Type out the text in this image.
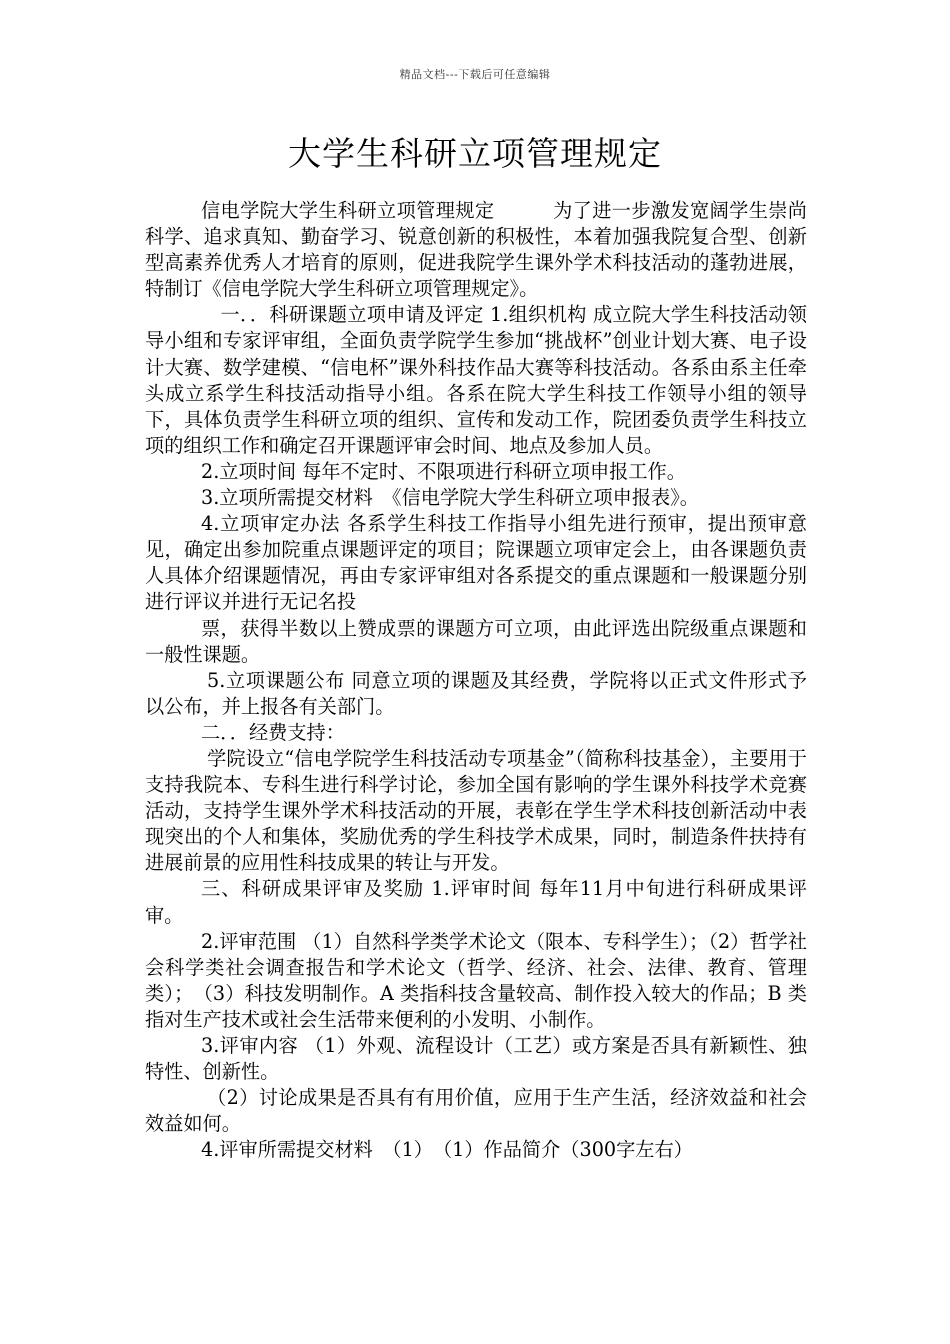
精品文档---下载后可任意编辑
大学生科研立项管理规定

信电学院大学生科研立项管理规定　　　为了进一步激发宽阔学生崇尚科学、追求真知、勤奋学习、锐意创新的积极性，本着加强我院复合型、创新型高素养优秀人才培育的原则，促进我院学生课外学术科技活动的蓬勃进展，特制订《信电学院大学生科研立项管理规定》。

　一．．科研课题立项申请及评定 1.组织机构 成立院大学生科技活动领导小组和专家评审组，全面负责学院学生参加“挑战杯”创业计划大赛、电子设计大赛、数学建模、“信电杯”课外科技作品大赛等科技活动。各系由系主任牵头成立系学生科技活动指导小组。各系在院大学生科技工作领导小组的领导下，具体负责学生科研立项的组织、宣传和发动工作，院团委负责学生科技立项的组织工作和确定召开课题评审会时间、地点及参加人员。

2.立项时间 每年不定时、不限项进行科研立项申报工作。

3.立项所需提交材料　《信电学院大学生科研立项申报表》。

4.立项审定办法 各系学生科技工作指导小组先进行预审，提出预审意见，确定出参加院重点课题评定的项目；院课题立项审定会上，由各课题负责人具体介绍课题情况，再由专家评审组对各系提交的重点课题和一般课题分别进行评议并进行无记名投

票，获得半数以上赞成票的课题方可立项，由此评选出院级重点课题和一般性课题。

5.立项课题公布 同意立项的课题及其经费，学院将以正式文件形式予以公布，并上报各有关部门。

二．．经费支持：

学院设立“信电学院学生科技活动专项基金”（简称科技基金），主要用于支持我院本、专科生进行科学讨论，参加全国有影响的学生课外科技学术竞赛活动，支持学生课外学术科技活动的开展，表彰在学生学术科技创新活动中表现突出的个人和集体，奖励优秀的学生科技学术成果，同时，制造条件扶持有进展前景的应用性科技成果的转让与开发。

三、科研成果评审及奖励 1.评审时间 每年11月中旬进行科研成果评审。

2.评审范围 （1）自然科学类学术论文（限本、专科学生）；（2）哲学社会科学类社会调查报告和学术论文（哲学、经济、社会、法律、教育、管理类）；　（3）科技发明制作。A 类指科技含量较高、制作投入较大的作品；B 类指对生产技术或社会生活带来便利的小发明、小制作。

3.评审内容 （1）外观、流程设计（工艺）或方案是否具有新颖性、独特性、创新性。

（2）讨论成果是否具有有用价值，应用于生产生活，经济效益和社会效益如何。

4.评审所需提交材料　（1）　（1）作品简介（300字左右）
